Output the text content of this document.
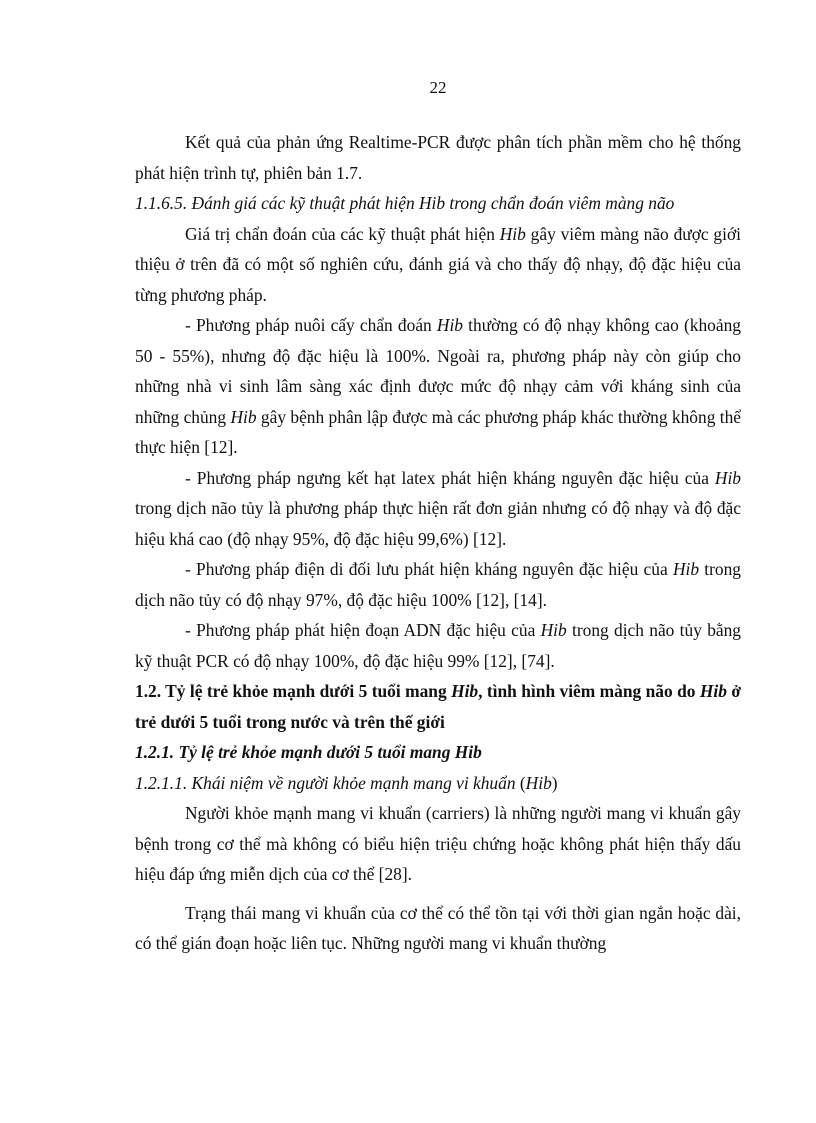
22

Kết quả của phản ứng Realtime-PCR được phân tích phần mềm cho hệ thống phát hiện trình tự, phiên bản 1.7.

1.1.6.5. Đánh giá các kỹ thuật phát hiện Hib trong chẩn đoán viêm màng não

Giá trị chẩn đoán của các kỹ thuật phát hiện Hib gây viêm màng não được giới thiệu ở trên đã có một số nghiên cứu, đánh giá và cho thấy độ nhạy, độ đặc hiệu của từng phương pháp.

- Phương pháp nuôi cấy chẩn đoán Hib thường có độ nhạy không cao (khoảng 50 - 55%), nhưng độ đặc hiệu là 100%. Ngoài ra, phương pháp này còn giúp cho những nhà vi sinh lâm sàng xác định được mức độ nhạy cảm với kháng sinh của những chủng Hib gây bệnh phân lập được mà các phương pháp khác thường không thể thực hiện [12].

- Phương pháp ngưng kết hạt latex phát hiện kháng nguyên đặc hiệu của Hib trong dịch não tủy là phương pháp thực hiện rất đơn giản nhưng có độ nhạy và độ đặc hiệu khá cao (độ nhạy 95%, độ đặc hiệu 99,6%) [12].

- Phương pháp điện di đối lưu phát hiện kháng nguyên đặc hiệu của Hib trong dịch não tủy có độ nhạy 97%, độ đặc hiệu 100% [12], [14].

- Phương pháp phát hiện đoạn ADN đặc hiệu của Hib trong dịch não tủy bằng kỹ thuật PCR có độ nhạy 100%, độ đặc hiệu 99% [12], [74].

1.2. Tỷ lệ trẻ khỏe mạnh dưới 5 tuổi mang Hib, tình hình viêm màng não do Hib ở trẻ dưới 5 tuổi trong nước và trên thế giới

1.2.1. Tỷ lệ trẻ khỏe mạnh dưới 5 tuổi mang Hib

1.2.1.1. Khái niệm về người khỏe mạnh mang vi khuẩn (Hib)

Người khỏe mạnh mang vi khuẩn (carriers) là những người mang vi khuẩn gây bệnh trong cơ thể mà không có biểu hiện triệu chứng hoặc không phát hiện thấy dấu hiệu đáp ứng miễn dịch của cơ thể [28].

Trạng thái mang vi khuẩn của cơ thể có thể tồn tại với thời gian ngắn hoặc dài, có thể gián đoạn hoặc liên tục. Những người mang vi khuẩn thường
